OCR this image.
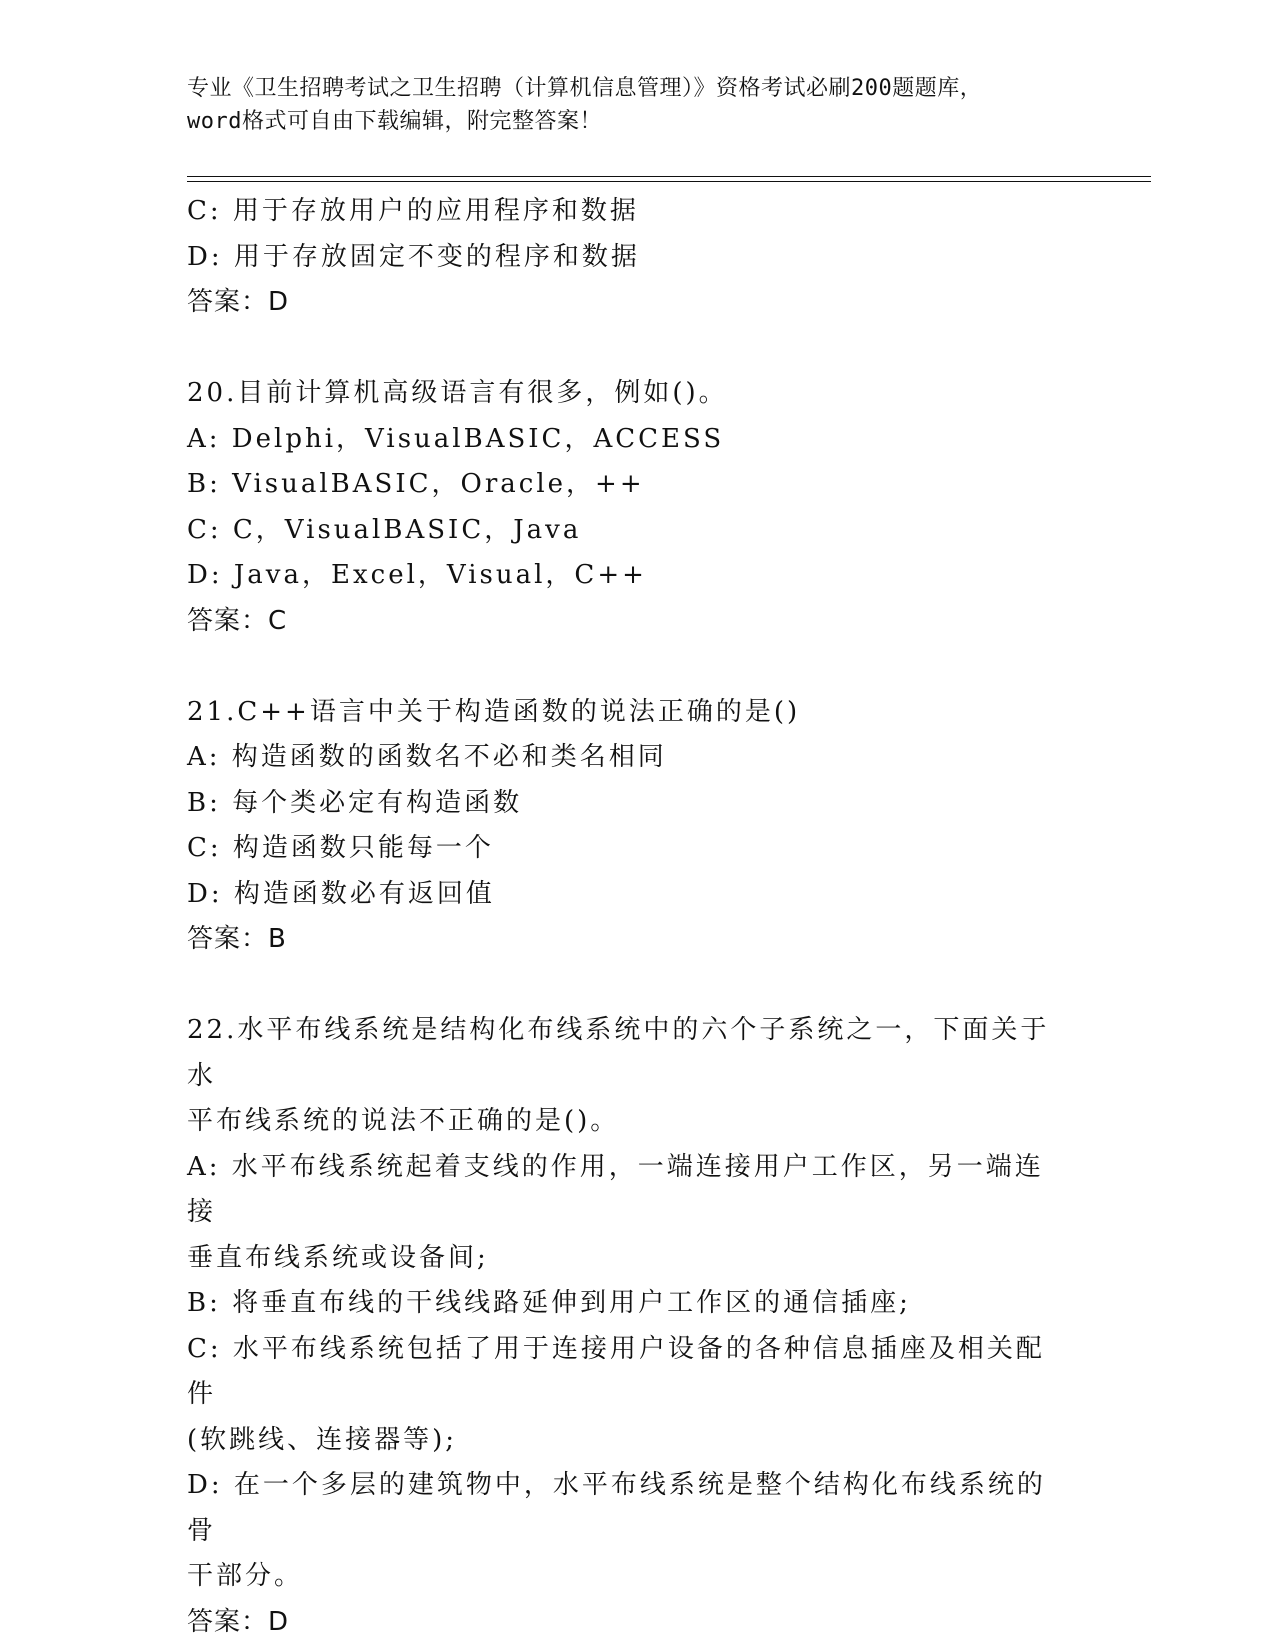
专业《卫生招聘考试之卫生招聘（计算机信息管理）》资格考试必刷200题题库，
word格式可自由下载编辑，附完整答案！
C: 用于存放用户的应用程序和数据
D: 用于存放固定不变的程序和数据
答案：D
20.目前计算机高级语言有很多，例如()。
A: Delphi，VisualBASIC，ACCESS
B: VisualBASIC，Oracle，++
C: C，VisualBASIC，Java
D: Java，Excel，Visual，C++
答案：C
21.C++语言中关于构造函数的说法正确的是()
A: 构造函数的函数名不必和类名相同
B: 每个类必定有构造函数
C: 构造函数只能每一个
D: 构造函数必有返回值
答案：B
22.水平布线系统是结构化布线系统中的六个子系统之一，下面关于水
平布线系统的说法不正确的是()。
A: 水平布线系统起着支线的作用，一端连接用户工作区，另一端连接
垂直布线系统或设备间;
B: 将垂直布线的干线线路延伸到用户工作区的通信插座;
C: 水平布线系统包括了用于连接用户设备的各种信息插座及相关配件
(软跳线、连接器等);
D: 在一个多层的建筑物中，水平布线系统是整个结构化布线系统的骨
干部分。
答案：D
